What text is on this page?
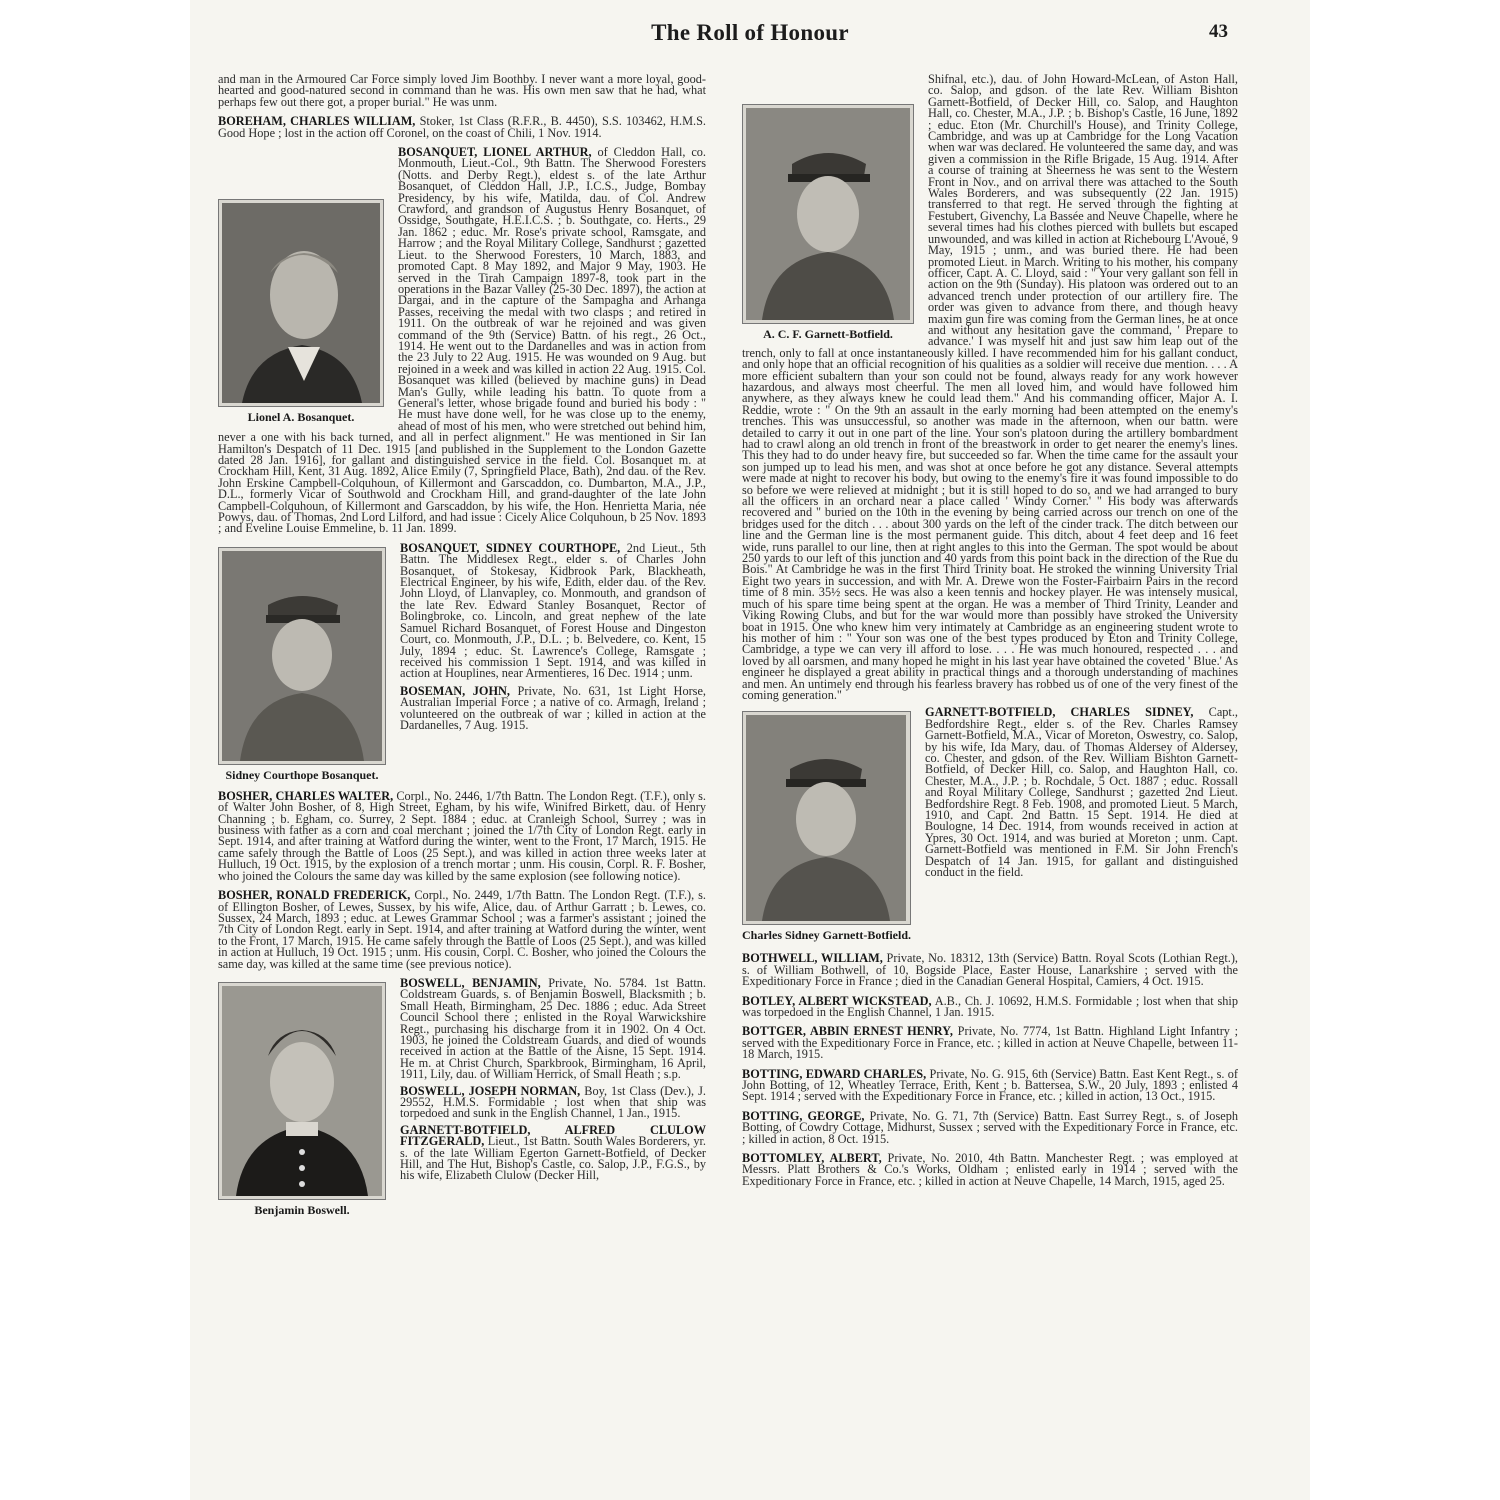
The Roll of Honour	43

and man in the Armoured Car Force simply loved Jim Boothby. I never want a more loyal, good-hearted and good-natured second in command than he was. His own men saw that he had, what perhaps few out there got, a proper burial." He was unm.

BOREHAM, CHARLES WILLIAM, Stoker, 1st Class (R.F.R., B. 4450), S.S. 103462, H.M.S. Good Hope ; lost in the action off Coronel, on the coast of Chili, 1 Nov. 1914.

Lionel A. Bosanquet.
BOSANQUET, LIONEL ARTHUR, of Cleddon Hall, co. Monmouth, Lieut.-Col., 9th Battn. The Sherwood Foresters (Notts. and Derby Regt.), eldest s. of the late Arthur Bosanquet, of Cleddon Hall, J.P., I.C.S., Judge, Bombay Presidency, by his wife, Matilda, dau. of Col. Andrew Crawford, and grandson of Augustus Henry Bosanquet, of Ossidge, Southgate, H.E.I.C.S. ; b. Southgate, co. Herts., 29 Jan. 1862 ; educ. Mr. Rose's private school, Ramsgate, and Harrow ; and the Royal Military College, Sandhurst ; gazetted Lieut. to the Sherwood Foresters, 10 March, 1883, and promoted Capt. 8 May 1892, and Major 9 May, 1903. He served in the Tirah Campaign 1897-8, took part in the operations in the Bazar Valley (25-30 Dec. 1897), the action at Dargai, and in the capture of the Sampagha and Arhanga Passes, receiving the medal with two clasps ; and retired in 1911. On the outbreak of war he rejoined and was given command of the 9th (Service) Battn. of his regt., 26 Oct., 1914. He went out to the Dardanelles and was in action from the 23 July to 22 Aug. 1915. He was wounded on 9 Aug. but rejoined in a week and was killed in action 22 Aug. 1915. Col. Bosanquet was killed (believed by machine guns) in Dead Man's Gully, while leading his battn. To quote from a General's letter, whose brigade found and buried his body : " He must have done well, for he was close up to the enemy, ahead of most of his men, who were stretched out behind him, never a one with his back turned, and all in perfect alignment." He was mentioned in Sir Ian Hamilton's Despatch of 11 Dec. 1915 [and published in the Supplement to the London Gazette dated 28 Jan. 1916], for gallant and distinguished service in the field. Col. Bosanquet m. at Crockham Hill, Kent, 31 Aug. 1892, Alice Emily (7, Springfield Place, Bath), 2nd dau. of the Rev. John Erskine Campbell-Colquhoun, of Killermont and Garscaddon, co. Dumbarton, M.A., J.P., D.L., formerly Vicar of Southwold and Crockham Hill, and grand-daughter of the late John Campbell-Colquhoun, of Killermont and Garscaddon, by his wife, the Hon. Henrietta Maria, née Powys, dau. of Thomas, 2nd Lord Lilford, and had issue : Cicely Alice Colquhoun, b 25 Nov. 1893 ; and Eveline Louise Emmeline, b. 11 Jan. 1899.
Sidney Courthope Bosanquet.

BOSANQUET, SIDNEY COURTHOPE, 2nd Lieut., 5th Battn. The Middlesex Regt., elder s. of Charles John Bosanquet, of Stokesay, Kidbrook Park, Blackheath, Electrical Engineer, by his wife, Edith, elder dau. of the Rev. John Lloyd, of Llanvapley, co. Monmouth, and grandson of the late Rev. Edward Stanley Bosanquet, Rector of Bolingbroke, co. Lincoln, and great nephew of the late Samuel Richard Bosanquet, of Forest House and Dingeston Court, co. Monmouth, J.P., D.L. ; b. Belvedere, co. Kent, 15 July, 1894 ; educ. St. Lawrence's College, Ramsgate ; received his commission 1 Sept. 1914, and was killed in action at Houplines, near Armentieres, 16 Dec. 1914 ; unm.

BOSEMAN, JOHN, Private, No. 631, 1st Light Horse, Australian Imperial Force ; a native of co. Armagh, Ireland ; volunteered on the outbreak of war ; killed in action at the Dardanelles, 7 Aug. 1915.

BOSHER, CHARLES WALTER, Corpl., No. 2446, 1/7th Battn. The London Regt. (T.F.), only s. of Walter John Bosher, of 8, High Street, Egham, by his wife, Winifred Birkett, dau. of Henry Channing ; b. Egham, co. Surrey, 2 Sept. 1884 ; educ. at Cranleigh School, Surrey ; was in business with father as a corn and coal merchant ; joined the 1/7th City of London Regt. early in Sept. 1914, and after training at Watford during the winter, went to the Front, 17 March, 1915. He came safely through the Battle of Loos (25 Sept.), and was killed in action three weeks later at Hulluch, 19 Oct. 1915, by the explosion of a trench mortar ; unm. His cousin, Corpl. R. F. Bosher, who joined the Colours the same day was killed by the same explosion (see following notice).

BOSHER, RONALD FREDERICK, Corpl., No. 2449, 1/7th Battn. The London Regt. (T.F.), s. of Ellington Bosher, of Lewes, Sussex, by his wife, Alice, dau. of Arthur Garratt ; b. Lewes, co. Sussex, 24 March, 1893 ; educ. at Lewes Grammar School ; was a farmer's assistant ; joined the 7th City of London Regt. early in Sept. 1914, and after training at Watford during the winter, went to the Front, 17 March, 1915. He came safely through the Battle of Loos (25 Sept.), and was killed in action at Hulluch, 19 Oct. 1915 ; unm. His cousin, Corpl. C. Bosher, who joined the Colours the same day, was killed at the same time (see previous notice).

Benjamin Boswell.

BOSWELL, BENJAMIN, Private, No. 5784. 1st Battn. Coldstream Guards, s. of Benjamin Boswell, Blacksmith ; b. Small Heath, Birmingham, 25 Dec. 1886 ; educ. Ada Street Council School there ; enlisted in the Royal Warwickshire Regt., purchasing his discharge from it in 1902. On 4 Oct. 1903, he joined the Coldstream Guards, and died of wounds received in action at the Battle of the Aisne, 15 Sept. 1914. He m. at Christ Church, Sparkbrook, Birmingham, 16 April, 1911, Lily, dau. of William Herrick, of Small Heath ; s.p.

BOSWELL, JOSEPH NORMAN, Boy, 1st Class (Dev.), J. 29552, H.M.S. Formidable ; lost when that ship was torpedoed and sunk in the English Channel, 1 Jan., 1915.

GARNETT-BOTFIELD, ALFRED CLULOW FITZGERALD, Lieut., 1st Battn. South Wales Borderers, yr. s. of the late William Egerton Garnett-Botfield, of Decker Hill, and The Hut, Bishop's Castle, co. Salop, J.P., F.G.S., by his wife, Elizabeth Clulow (Decker Hill,

A. C. F. Garnett-Botfield.
Shifnal, etc.), dau. of John Howard-McLean, of Aston Hall, co. Salop, and gdson. of the late Rev. William Bishton Garnett-Botfield, of Decker Hill, co. Salop, and Haughton Hall, co. Chester, M.A., J.P. ; b. Bishop's Castle, 16 June, 1892 ; educ. Eton (Mr. Churchill's House), and Trinity College, Cambridge, and was up at Cambridge for the Long Vacation when war was declared. He volunteered the same day, and was given a commission in the Rifle Brigade, 15 Aug. 1914. After a course of training at Sheerness he was sent to the Western Front in Nov., and on arrival there was attached to the South Wales Borderers, and was subsequently (22 Jan. 1915) transferred to that regt. He served through the fighting at Festubert, Givenchy, La Bassée and Neuve Chapelle, where he several times had his clothes pierced with bullets but escaped unwounded, and was killed in action at Richebourg L'Avoué, 9 May, 1915 ; unm., and was buried there. He had been promoted Lieut. in March. Writing to his mother, his company officer, Capt. A. C. Lloyd, said : " Your very gallant son fell in action on the 9th (Sunday). His platoon was ordered out to an advanced trench under protection of our artillery fire. The order was given to advance from there, and though heavy maxim gun fire was coming from the German lines, he at once and without any hesitation gave the command, ' Prepare to advance.' I was myself hit and just saw him leap out of the trench, only to fall at once instantaneously killed. I have recommended him for his gallant conduct, and only hope that an official recognition of his qualities as a soldier will receive due mention. . . . A more efficient subaltern than your son could not be found, always ready for any work however hazardous, and always most cheerful. The men all loved him, and would have followed him anywhere, as they always knew he could lead them." And his commanding officer, Major A. I. Reddie, wrote : " On the 9th an assault in the early morning had been attempted on the enemy's trenches. This was unsuccessful, so another was made in the afternoon, when our battn. were detailed to carry it out in one part of the line. Your son's platoon during the artillery bombardment had to crawl along an old trench in front of the breastwork in order to get nearer the enemy's lines. This they had to do under heavy fire, but succeeded so far. When the time came for the assault your son jumped up to lead his men, and was shot at once before he got any distance. Several attempts were made at night to recover his body, but owing to the enemy's fire it was found impossible to do so before we were relieved at midnight ; but it is still hoped to do so, and we had arranged to bury all the officers in an orchard near a place called ' Windy Corner.' " His body was afterwards recovered and " buried on the 10th in the evening by being carried across our trench on one of the bridges used for the ditch . . . about 300 yards on the left of the cinder track. The ditch between our line and the German line is the most permanent guide. This ditch, about 4 feet deep and 16 feet wide, runs parallel to our line, then at right angles to this into the German. The spot would be about 250 yards to our left of this junction and 40 yards from this point back in the direction of the Rue du Bois." At Cambridge he was in the first Third Trinity boat. He stroked the winning University Trial Eight two years in succession, and with Mr. A. Drewe won the Foster-Fairbairn Pairs in the record time of 8 min. 35½ secs. He was also a keen tennis and hockey player. He was intensely musical, much of his spare time being spent at the organ. He was a member of Third Trinity, Leander and Viking Rowing Clubs, and but for the war would more than possibly have stroked the University boat in 1915. One who knew him very intimately at Cambridge as an engineering student wrote to his mother of him : " Your son was one of the best types produced by Eton and Trinity College, Cambridge, a type we can very ill afford to lose. . . . He was much honoured, respected . . . and loved by all oarsmen, and many hoped he might in his last year have obtained the coveted ' Blue.' As engineer he displayed a great ability in practical things and a thorough understanding of machines and men. An untimely end through his fearless bravery has robbed us of one of the very finest of the coming generation."
Charles Sidney Garnett-Botfield.
GARNETT-BOTFIELD, CHARLES SIDNEY, Capt., Bedfordshire Regt., elder s. of the Rev. Charles Ramsey Garnett-Botfield, M.A., Vicar of Moreton, Oswestry, co. Salop, by his wife, Ida Mary, dau. of Thomas Aldersey of Aldersey, co. Chester, and gdson. of the Rev. William Bishton Garnett-Botfield, of Decker Hill, co. Salop, and Haughton Hall, co. Chester, M.A., J.P. ; b. Rochdale, 5 Oct. 1887 ; educ. Rossall and Royal Military College, Sandhurst ; gazetted 2nd Lieut. Bedfordshire Regt. 8 Feb. 1908, and promoted Lieut. 5 March, 1910, and Capt. 2nd Battn. 15 Sept. 1914. He died at Boulogne, 14 Dec. 1914, from wounds received in action at Ypres, 30 Oct. 1914, and was buried at Moreton ; unm. Capt. Garnett-Botfield was mentioned in F.M. Sir John French's Despatch of 14 Jan. 1915, for gallant and distinguished conduct in the field.

BOTHWELL, WILLIAM, Private, No. 18312, 13th (Service) Battn. Royal Scots (Lothian Regt.), s. of William Bothwell, of 10, Bogside Place, Easter House, Lanarkshire ; served with the Expeditionary Force in France ; died in the Canadian General Hospital, Camiers, 4 Oct. 1915.

BOTLEY, ALBERT WICKSTEAD, A.B., Ch. J. 10692, H.M.S. Formidable ; lost when that ship was torpedoed in the English Channel, 1 Jan. 1915.

BOTTGER, ABBIN ERNEST HENRY, Private, No. 7774, 1st Battn. Highland Light Infantry ; served with the Expeditionary Force in France, etc. ; killed in action at Neuve Chapelle, between 11-18 March, 1915.

BOTTING, EDWARD CHARLES, Private, No. G. 915, 6th (Service) Battn. East Kent Regt., s. of John Botting, of 12, Wheatley Terrace, Erith, Kent ; b. Battersea, S.W., 20 July, 1893 ; enlisted 4 Sept. 1914 ; served with the Expeditionary Force in France, etc. ; killed in action, 13 Oct., 1915.

BOTTING, GEORGE, Private, No. G. 71, 7th (Service) Battn. East Surrey Regt., s. of Joseph Botting, of Cowdry Cottage, Midhurst, Sussex ; served with the Expeditionary Force in France, etc. ; killed in action, 8 Oct. 1915.

BOTTOMLEY, ALBERT, Private, No. 2010, 4th Battn. Manchester Regt. ; was employed at Messrs. Platt Brothers & Co.'s Works, Oldham ; enlisted early in 1914 ; served with the Expeditionary Force in France, etc. ; killed in action at Neuve Chapelle, 14 March, 1915, aged 25.
